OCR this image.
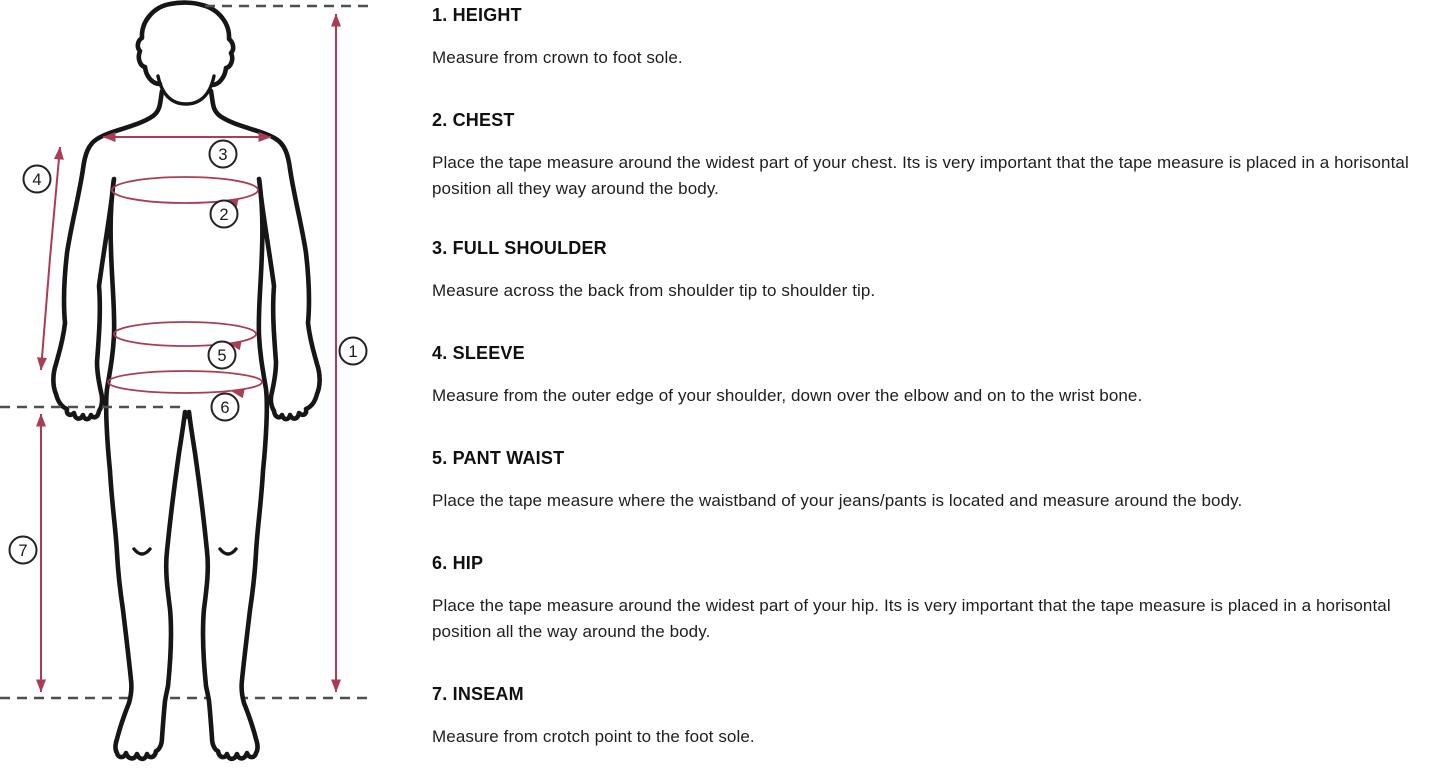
1
2
3
4
5
6
7
1. HEIGHT

Measure from crown to foot sole.

2. CHEST

Place the tape measure around the widest part of your chest. Its is very important that the tape measure is placed in a horisontal position all they way around the body.

3. FULL SHOULDER

Measure across the back from shoulder tip to shoulder tip.

4. SLEEVE

Measure from the outer edge of your shoulder, down over the elbow and on to the wrist bone.

5. PANT WAIST

Place the tape measure where the waistband of your jeans/pants is located and measure around the body.

6. HIP

Place the tape measure around the widest part of your hip. Its is very important that the tape measure is placed in a horisontal position all the way around the body.

7. INSEAM

Measure from crotch point to the foot sole.
